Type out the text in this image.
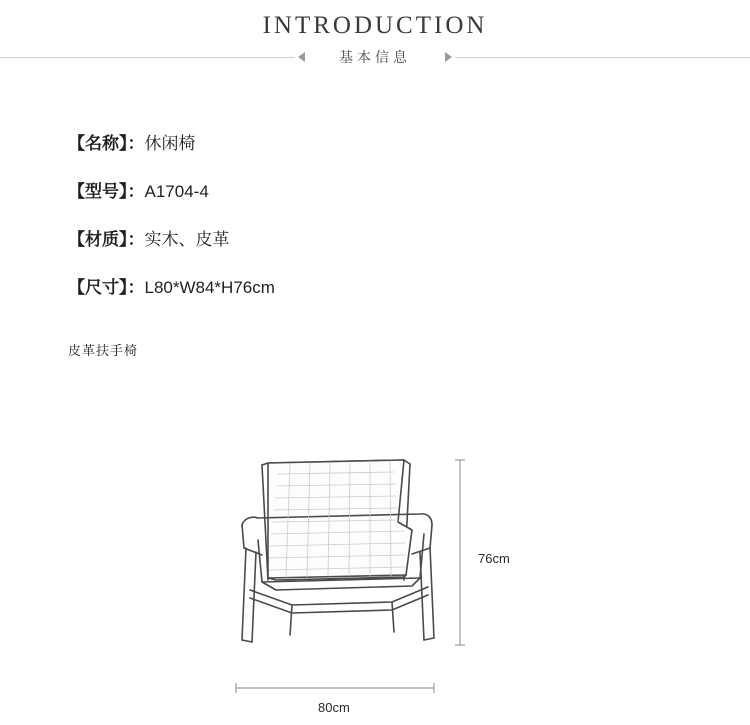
INTRODUCTION
基本信息
【名称】：休闲椅
【型号】：A1704-4
【材质】：实木、皮革
【尺寸】：L80*W84*H76cm
皮革扶手椅
76cm
80cm
